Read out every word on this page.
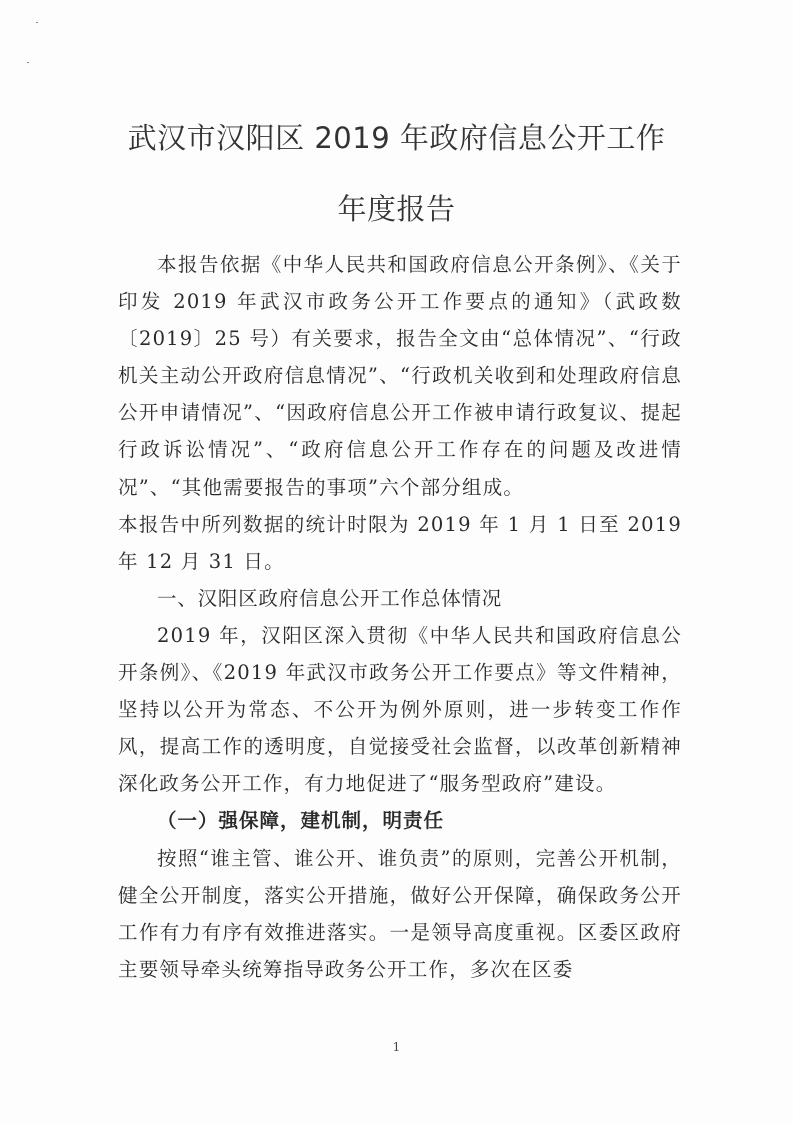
武汉市汉阳区 2019 年政府信息公开工作
年度报告

本报告依据《中华人民共和国政府信息公开条例》、《关于印发 2019 年武汉市政务公开工作要点的通知》（武政数〔2019〕25 号）有关要求，报告全文由“总体情况”、“行政机关主动公开政府信息情况”、“行政机关收到和处理政府信息公开申请情况”、“因政府信息公开工作被申请行政复议、提起行政诉讼情况”、“政府信息公开工作存在的问题及改进情况”、“其他需要报告的事项”六个部分组成。

本报告中所列数据的统计时限为 2019 年 1 月 1 日至 2019 年 12 月 31 日。

一、汉阳区政府信息公开工作总体情况

2019 年，汉阳区深入贯彻《中华人民共和国政府信息公开条例》、《2019 年武汉市政务公开工作要点》等文件精神，坚持以公开为常态、不公开为例外原则，进一步转变工作作风，提高工作的透明度，自觉接受社会监督，以改革创新精神深化政务公开工作，有力地促进了“服务型政府”建设。

（一）强保障，建机制，明责任

按照“谁主管、谁公开、谁负责”的原则，完善公开机制，健全公开制度，落实公开措施，做好公开保障，确保政务公开工作有力有序有效推进落实。一是领导高度重视。区委区政府主要领导牵头统筹指导政务公开工作，多次在区委

1
